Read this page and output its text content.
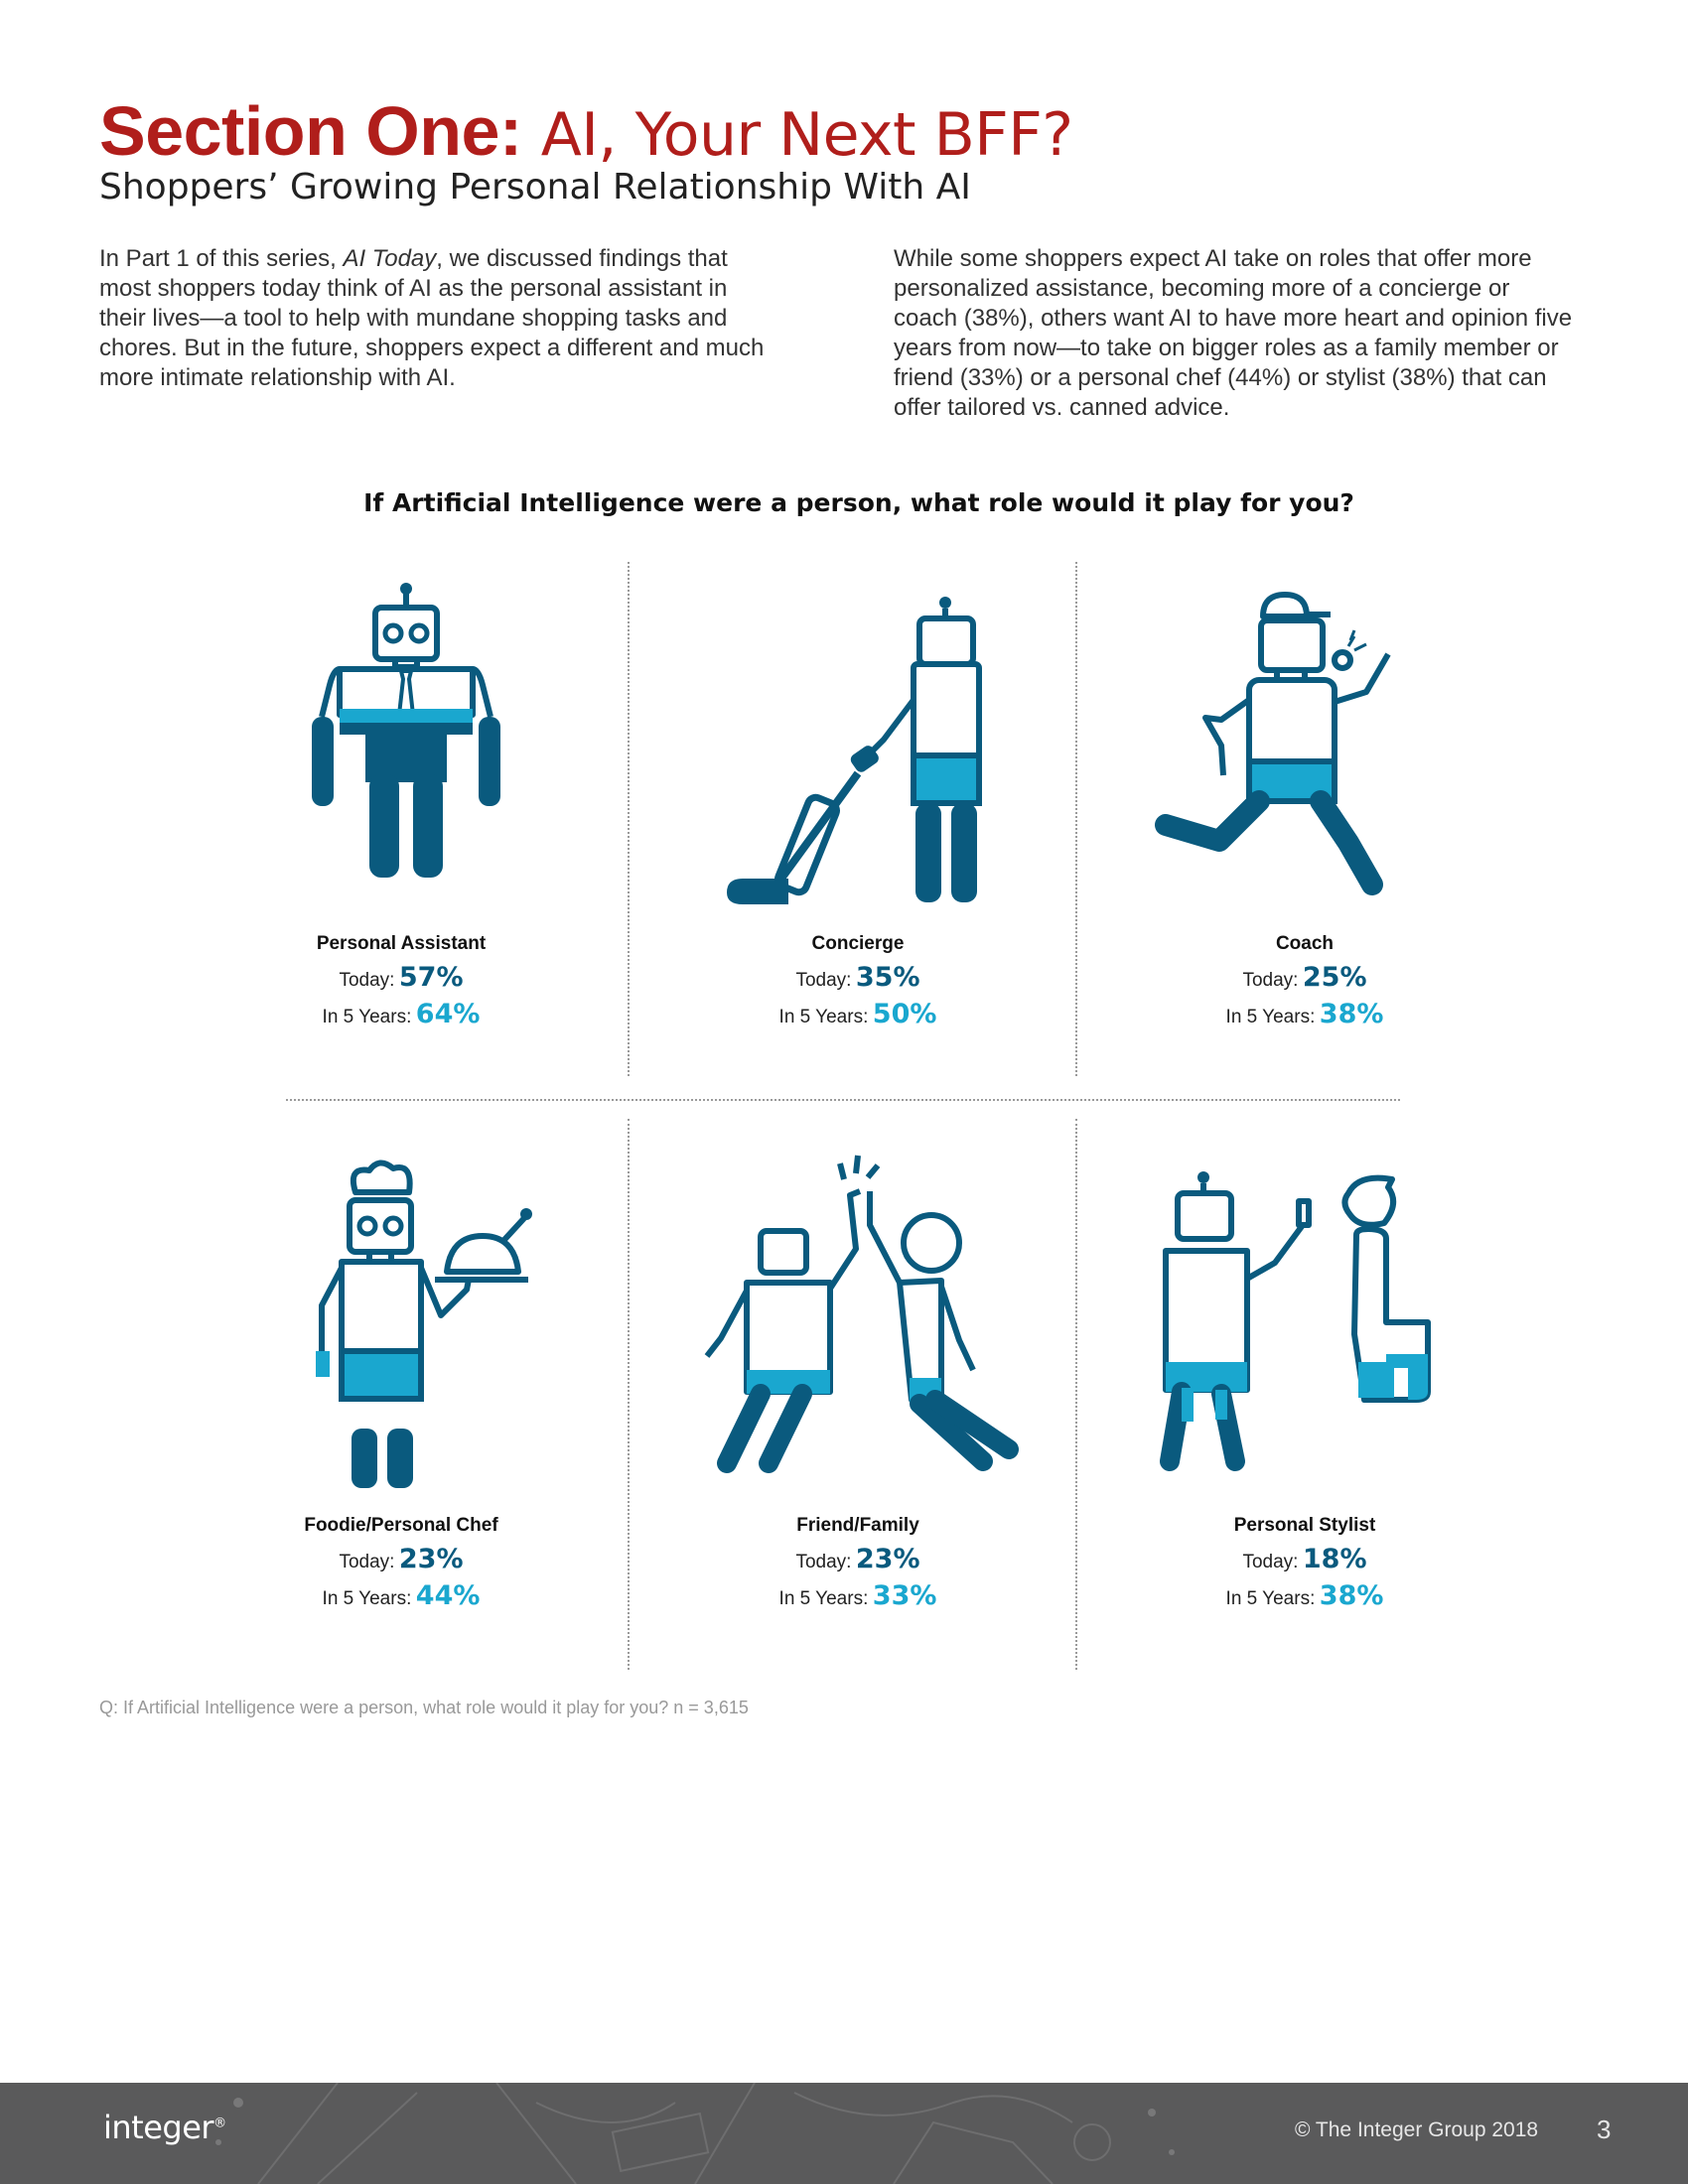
Section One: AI, Your Next BFF?
Shoppers’ Growing Personal Relationship With AI

In Part 1 of this series, AI Today, we discussed findings that most shoppers today think of AI as the personal assistant in their lives—a tool to help with mundane shopping tasks and chores. But in the future, shoppers expect a different and much more intimate relationship with AI.

While some shoppers expect AI take on roles that offer more personalized assistance, becoming more of a concierge or coach (38%), others want AI to have more heart and opinion five years from now—to take on bigger roles as a family member or friend (33%) or a personal chef (44%) or stylist (38%) that can offer tailored vs. canned advice.

If Artificial Intelligence were a person, what role would it play for you?
Personal Assistant
Today: 57%
In 5 Years: 64%
Concierge
Today: 35%
In 5 Years: 50%
Coach
Today: 25%
In 5 Years: 38%
Foodie/Personal Chef
Today: 23%
In 5 Years: 44%
Friend/Family
Today: 23%
In 5 Years: 33%
Personal Stylist
Today: 18%
In 5 Years: 38%
Q: If Artificial Intelligence were a person, what role would it play for you? n = 3,615
integer®	© The Integer Group 2018 3
